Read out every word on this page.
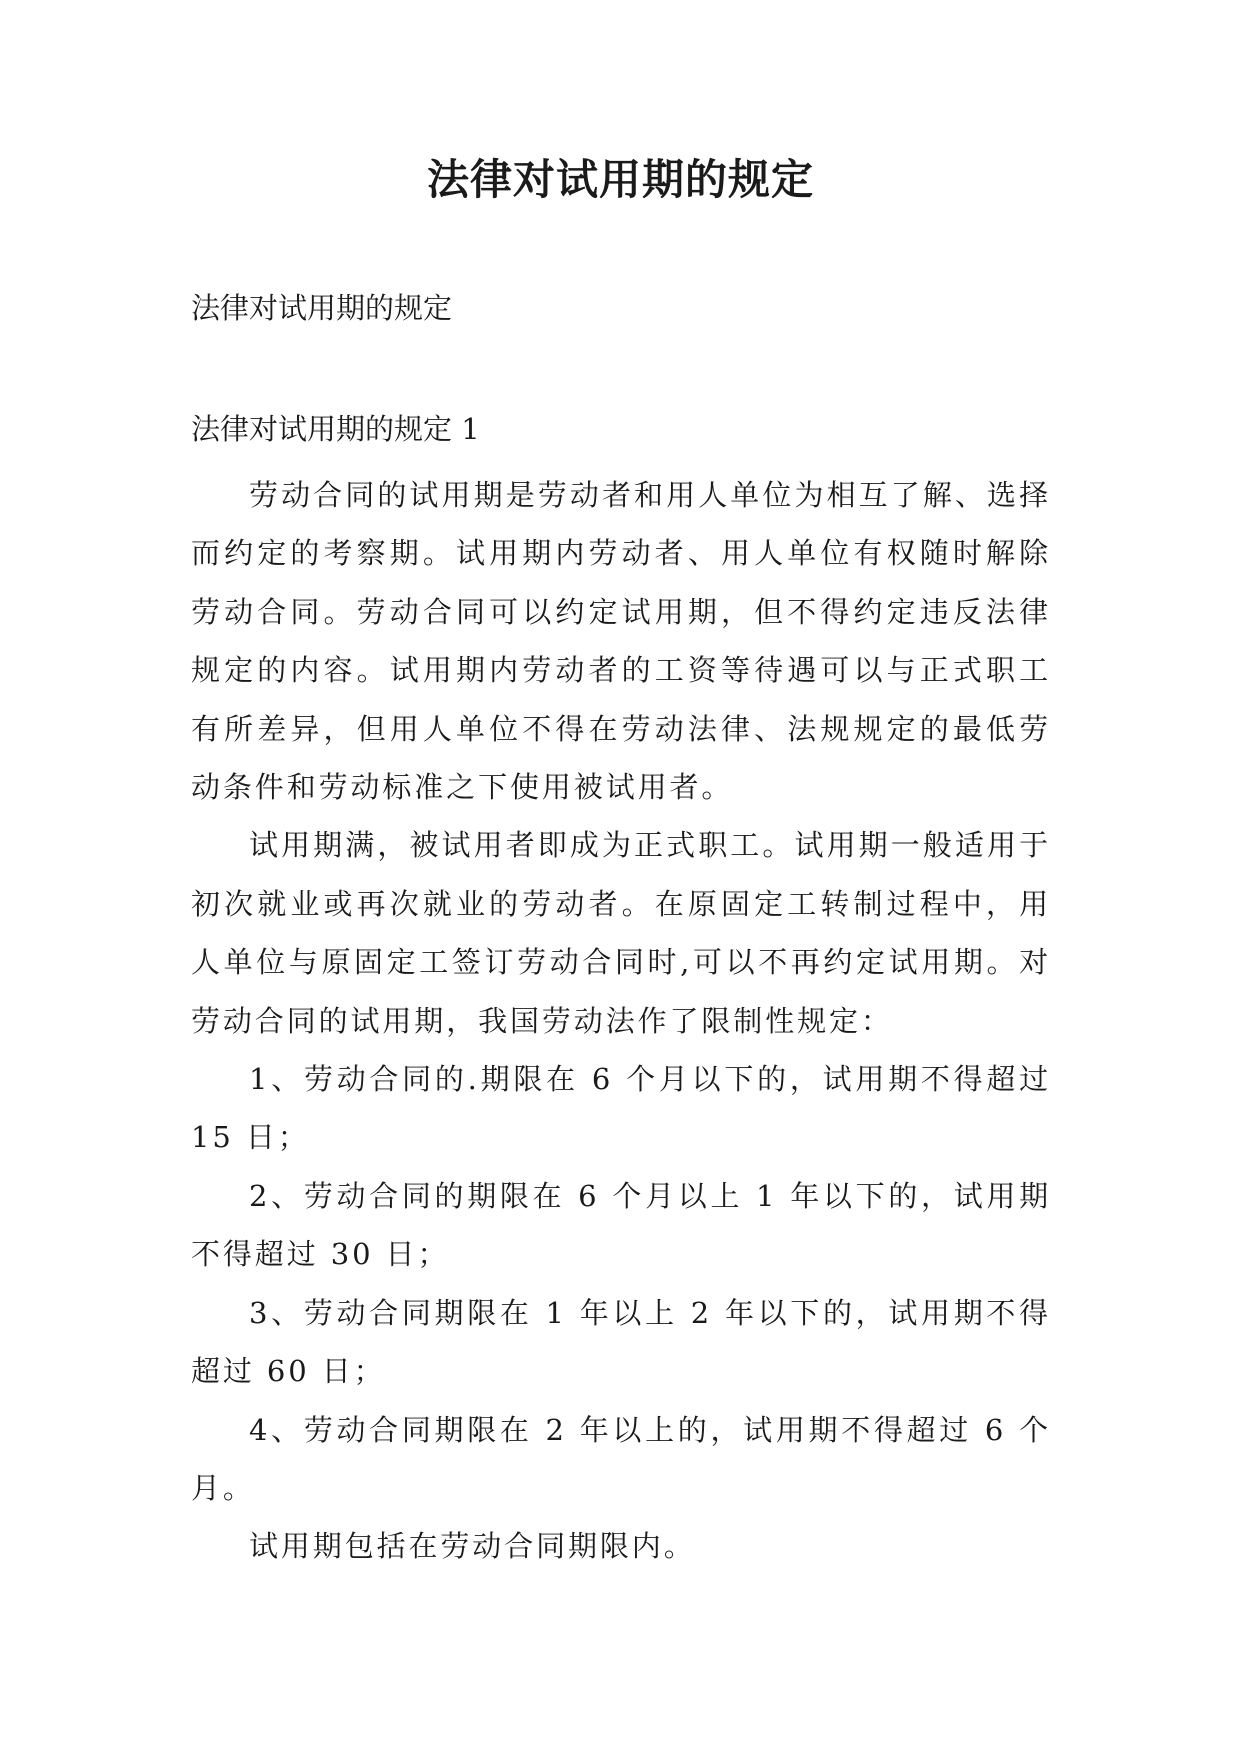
法律对试用期的规定
法律对试用期的规定
法律对试用期的规定 1

劳动合同的试用期是劳动者和用人单位为相互了解、选择而约定的考察期。试用期内劳动者、用人单位有权随时解除劳动合同。劳动合同可以约定试用期，但不得约定违反法律规定的内容。试用期内劳动者的工资等待遇可以与正式职工有所差异，但用人单位不得在劳动法律、法规规定的最低劳动条件和劳动标准之下使用被试用者。

试用期满，被试用者即成为正式职工。试用期一般适用于初次就业或再次就业的劳动者。在原固定工转制过程中，用人单位与原固定工签订劳动合同时,可以不再约定试用期。对劳动合同的试用期，我国劳动法作了限制性规定：

1、劳动合同的.期限在 6 个月以下的，试用期不得超过 15 日；

2、劳动合同的期限在 6 个月以上 1 年以下的，试用期不得超过 30 日；

3、劳动合同期限在 1 年以上 2 年以下的，试用期不得超过 60 日；

4、劳动合同期限在 2 年以上的，试用期不得超过 6 个月。

试用期包括在劳动合同期限内。
